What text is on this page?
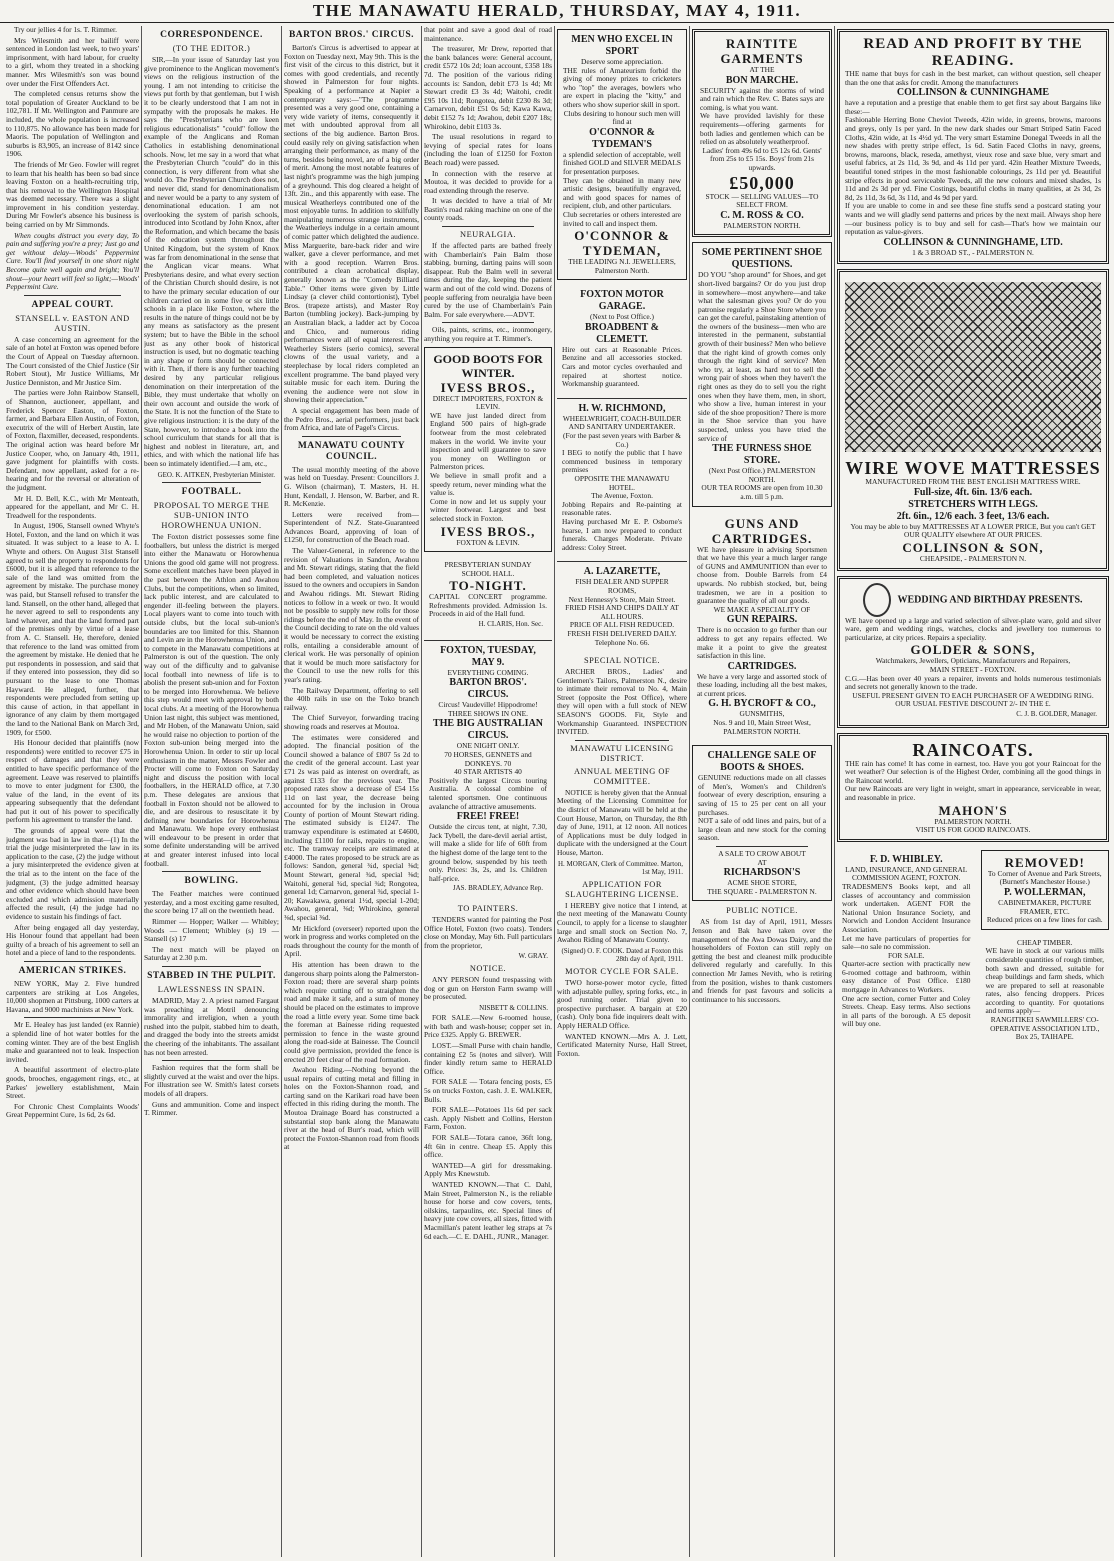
THE MANAWATU HERALD, THURSDAY, MAY 4, 1911.

Try our jellies 4 for 1s. T. Rimmer.

Mrs Wilesmith and her bailiff were sentenced in London last week, to two years' imprisonment, with hard labour, for cruelty to a girl, whom they treated in a shocking manner. Mrs Wilesmith's son was bound over under the First Offenders Act.

The completed census returns show the total population of Greater Auckland to be 102,781. If Mt. Wellington and Panmure are included, the whole population is increased to 110,875. No allowance has been made for Maoris. The population of Wellington and suburbs is 83,905, an increase of 8142 since 1906.

The friends of Mr Geo. Fowler will regret to learn that his health has been so bad since leaving Foxton on a health-recruiting trip, that his removal to the Wellington Hospital was deemed necessary. There was a slight improvement in his condition yesterday. During Mr Fowler's absence his business is being carried on by Mr Simmonds.

When coughs distract you every day, To pain and suffering you're a prey; Just go and get without delay—Woods' Peppermint Cure. You'll find yourself in one short night Become quite well again and bright; You'll shout—your heart will feel so light;—Woods' Peppermint Cure.

APPEAL COURT.
STANSELL v. EASTON AND AUSTIN.

A case concerning an agreement for the sale of an hotel at Foxton was opened before the Court of Appeal on Tuesday afternoon. The Court consisted of the Chief Justice (Sir Robert Stout), Mr Justice Williams, Mr Justice Denniston, and Mr Justice Sim.

The parties were John Rainbow Stansell, of Shannon, auctioneer, appellant, and Frederick Spencer Easton, of Foxton, farmer, and Barbara Ellen Austin, of Foxton, executrix of the will of Herbert Austin, late of Foxton, flaxmiller, deceased, respondents. The original action was heard before Mr Justice Cooper, who, on January 4th, 1911, gave judgment for plaintiffs with costs. Defendant, now appellant, asked for a re-hearing and for the reversal or alteration of the judgment.

Mr H. D. Bell, K.C., with Mr Menteath, appeared for the appellant, and Mr C. H. Treadwell for the respondents.

In August, 1906, Stansell owned Whyte's Hotel, Foxton, and the land on which it was situated. It was subject to a lease to A. I. Whyte and others. On August 31st Stansell agreed to sell the property to respondents for £6000, but it is alleged that reference to the sale of the land was omitted from the agreement by mistake. The purchase money was paid, but Stansell refused to transfer the land. Stansell, on the other hand, alleged that he never agreed to sell to respondents any land whatever, and that the land formed part of the premises only by virtue of a lease from A. C. Stansell. He, therefore, denied that reference to the land was omitted from the agreement by mistake. He denied that he put respondents in possession, and said that if they entered into possession, they did so pursuant to the lease to one Thomas Hayward. He alleged, further, that respondents were precluded from setting up this cause of action, in that appellant in ignorance of any claim by them mortgaged the land to the National Bank on March 3rd, 1909, for £500.

His Honour decided that plaintiffs (now respondents) were entitled to recover £75 in respect of damages and that they were entitled to have specific performance of the agreement. Leave was reserved to plaintiffs to move to enter judgment for £300, the value of the land, in the event of its appearing subsequently that the defendant had put it out of his power to specifically perform his agreement to transfer the land.

The grounds of appeal were that the judgment was bad in law in that—(1) In the trial the judge misinterpreted the law in its application to the case, (2) the judge without a jury misinterpreted the evidence given at the trial as to the intent on the face of the judgment, (3) the judge admitted hearsay and other evidence which should have been excluded and which admission materially affected the result, (4) the judge had no evidence to sustain his findings of fact.

After being engaged all day yesterday, His Honour found that appellant had been guilty of a breach of his agreement to sell an hotel and a piece of land to the respondents.

AMERICAN STRIKES.

NEW YORK, May 2. Five hundred carpenters are striking at Los Angeles, 10,000 shopmen at Pittsburg, 1000 carters at Havana, and 9000 machinists at New York.

Mr E. Healey has just landed (ex Rannie) a splendid line of hot water bottles for the coming winter. They are of the best English make and guaranteed not to leak. Inspection invited.

A beautiful assortment of electro-plate goods, brooches, engagement rings, etc., at Parkes' jewellery establishment, Main Street.

For Chronic Chest Complaints Woods' Great Peppermint Cure, 1s 6d, 2s 6d.

CORRESPONDENCE.
(TO THE EDITOR.)

SIR,—In your issue of Saturday last you give prominence to the Anglican movement's views on the religious instruction of the young. I am not intending to criticise the views put forth by that gentleman, but I wish it to be clearly understood that I am not in sympathy with the proposals he makes. He says the "Presbyterians who are keen religious educationalists" "could" follow the example of the Anglicans and Roman Catholics in establishing denominational schools. Now, let me say in a word that what the Presbyterian Church "could" do in this connection, is very different from what she would do. The Presbyterian Church does not, and never did, stand for denominationalism and never would be a party to any system of denominational education. I am not overlooking the system of parish schools, introduced into Scotland by John Knox, after the Reformation, and which became the basis of the education system throughout the United Kingdom, but the system of Knox was far from denominational in the sense that the Anglican vicar means. What Presbyterians desire, and what every section of the Christian Church should desire, is not to have the primary secular education of our children carried on in some five or six little schools in a place like Foxton, where the results in the nature of things could not be by any means as satisfactory as the present system; but to have the Bible in the school just as any other book of historical instruction is used, but no dogmatic teaching in any shape or form should be connected with it. Then, if there is any further teaching desired by any particular religious denomination on their interpretation of the Bible, they must undertake that wholly on their own account and outside the work of the State. It is not the function of the State to give religious instruction: it is the duty of the State, however, to introduce a book into the school curriculum that stands for all that is highest and noblest in literature, art, and ethics, and with which the national life has been so intimately identified.—I am, etc.,

GEO. K. AITKEN, Presbyterian Minister.
FOOTBALL.
PROPOSAL TO MERGE THE SUB-UNION INTO HOROWHENUA UNION.

The Foxton district possesses some fine footballers, but unless the district is merged into either the Manawatu or Horowhenua Unions the good old game will not progress. Some excellent matches have been played in the past between the Athlon and Awahou Clubs, but the competitions, when so limited, lack public interest, and are calculated to engender ill-feeling between the players. Local players want to come into touch with outside clubs, but the local sub-union's boundaries are too limited for this. Shannon and Levin are in the Horowhenua Union, and to compete in the Manawatu competitions at Palmerston is out of the question. The only way out of the difficulty and to galvanise local football into newness of life is to abolish the present sub-union and for Foxton to be merged into Horowhenua. We believe this step would meet with approval by both local clubs. At a meeting of the Horowhenua Union last night, this subject was mentioned, and Mr Hoben, of the Manawatu Union, said he would raise no objection to portion of the Foxton sub-union being merged into the Horowhenua Union. In order to stir up local enthusiasm in the matter, Messrs Fowler and Procter will come to Foxton on Saturday night and discuss the position with local footballers, in the HERALD office, at 7.30 p.m. These delegates are anxious that football in Foxton should not be allowed to die, and are desirous to resuscitate it by defining new boundaries for Horowhenua and Manawatu. We hope every enthusiast will endeavour to be present in order that some definite understanding will be arrived at and greater interest infused into local football.

BOWLING.

The Feather matches were continued yesterday, and a most exciting game resulted, the score being 17 all on the twentieth head.

Rimmer — Hopper; Walker — Whibley; Woods — Clement; Whibley (s) 19 — Stansell (s) 17

The next match will be played on Saturday at 2.30 p.m.

STABBED IN THE PULPIT.
LAWLESSNESS IN SPAIN.

MADRID, May 2. A priest named Fargaut was preaching at Motril denouncing immorality and irreligion, when a youth rushed into the pulpit, stabbed him to death, and dragged the body into the streets amidst the cheering of the inhabitants. The assailant has not been arrested.

Fashion requires that the form shall be slightly curved at the waist and over the hips. For illustration see W. Smith's latest corsets models of all drapers.

Guns and ammunition. Come and inspect T. Rimmer.

BARTON BROS.' CIRCUS.

Barton's Circus is advertised to appear at Foxton on Tuesday next, May 9th. This is the first visit of the circus to this district, but it comes with good credentials, and recently showed in Palmerston for four nights. Speaking of a performance at Napier a contemporary says:—"The programme presented was a very good one, containing a very wide variety of items, consequently it met with undoubted approval from all sections of the big audience. Barton Bros. could easily rely on giving satisfaction when arranging their performance, as many of the turns, besides being novel, are of a big order of merit. Among the most notable features of last night's programme was the high jumping of a greyhound. This dog cleared a height of 13ft. 2in., and this apparently with ease. The musical Weatherleys contributed one of the most enjoyable turns. In addition to skilfully manipulating numerous strange instruments, the Weatherleys indulge in a certain amount of comic patter which delighted the audience. Miss Marguerite, bare-back rider and wire walker, gave a clever performance, and met with a good reception. Warren Bros. contributed a clean acrobatical display, generally known as the "Comedy Billiard Table." Other items were given by Little Lindsay (a clever child contortionist), Tybel Bros. (trapeze artists), and Master Roy Barton (tumbling jockey). Back-jumping by an Australian black, a ladder act by Cocoa and Chico, and numerous riding performances were all of equal interest. The Weatherley Sisters (serio comics), several clowns of the usual variety, and a steeplechase by local riders completed an excellent programme. The band played very suitable music for each item. During the evening the audience were not slow in showing their appreciation."

A special engagement has been made of the Pedro Bros., aerial performers, just back from Africa, and late of Pagel's Circus.

MANAWATU COUNTY COUNCIL.

The usual monthly meeting of the above was held on Tuesday. Present: Councillors J. G. Wilson (chairman), T. Masters, H. H. Hunt, Kendall, J. Henson, W. Barber, and R. R. McKenzie.

Letters were received from—Superintendent of N.Z. State-Guaranteed Advances Board, approving of loan of £1250, for construction of the Beach road.

The Valuer-General, in reference to the revision of Valuations in Sandon, Awahou and Mt. Stewart ridings, stating that the field had been completed, and valuation notices issued to the owners and occupiers in Sandon and Awahou ridings. Mt. Stewart Riding notices to follow in a week or two. It would not be possible to supply new rolls for those ridings before the end of May. In the event of the Council deciding to rate on the old values it would be necessary to correct the existing rolls, entailing a considerable amount of clerical work. He was personally of opinion that it would be much more satisfactory for the Council to use the new rolls for this year's rating.

The Railway Department, offering to sell the 40lb rails in use on the Toko branch railway.

The Chief Surveyor, forwarding tracing showing roads and reserves at Moutoa.

The estimates were considered and adopted. The financial position of the Council showed a balance of £807 5s 2d to the credit of the general account. Last year £71 2s was paid as interest on overdraft, as against £133 for the previous year. The proposed rates show a decrease of £54 15s 11d on last year, the decrease being accounted for by the inclusion in Oroua County of portion of Mount Stewart riding. The estimated subsidy is £1247. The tramway expenditure is estimated at £4600, including £1100 for rails, repairs to engine, etc. The tramway receipts are estimated at £4000. The rates proposed to be struck are as follows: Sandon, general ¾d, special ⅜d; Mount Stewart, general ¾d, special ⅜d; Waitohi, general ¾d, special ¾d; Rongotea, general 1d; Carnarvon, general ¾d, special 1-20; Kawakawa, general 1½d, special 1-20d; Awahou, general, ⅜d; Whirokino, general ⅜d, special ⅜d.

Mr Hickford (overseer) reported upon the work in progress and works completed on the roads throughout the county for the month of April.

His attention has been drawn to the dangerous sharp points along the Palmerston-Foxton road; there are several sharp points which require cutting off to straighten the road and make it safe, and a sum of money should be placed on the estimates to improve the road a little every year. Some time back the foreman at Bainesse riding requested permission to fence in the waste ground along the road-side at Bainesse. The Council could give permission, provided the fence is erected 20 feet clear of the road formation.

Awahou Riding.—Nothing beyond the usual repairs of cutting metal and filling in holes on the Foxton-Shannon road, and carting sand on the Karikari road have been effected in this riding during the month. The Moutoa Drainage Board has constructed a substantial stop bank along the Manawatu river at the head of Burr's road, which will protect the Foxton-Shannon road from floods at

that point and save a good deal of road maintenance.

The treasurer, Mr Drew, reported that the bank balances were: General account, credit £572 10s 2d; loan account, £358 18s 7d. The position of the various riding accounts is: Sandon, debit £73 1s 4d; Mt Stewart credit £3 3s 4d; Waitohi, credit £95 10s 11d; Rongotea, debit £230 8s 3d; Carnarvon, debit £51 0s 5d; Kawa Kawa, debit £152 7s 1d; Awahou, debit £207 18s; Whirokino, debit £103 3s.

The usual resolutions in regard to levying of special rates for loans (including the loan of £1250 for Foxton Beach road) were passed.

In connection with the reserve at Moutoa, it was decided to provide for a road extending through the reserve.

It was decided to have a trial of Mr Bastin's road raking machine on one of the county roads.

NEURALGIA.

If the affected parts are bathed freely with Chamberlain's Pain Balm those stabbing, burning, darting pains will soon disappear. Rub the Balm well in several times during the day, keeping the patient warm and out of the cold wind. Dozens of people suffering from neuralgia have been cured by the use of Chamberlain's Pain Balm. For sale everywhere.—ADVT.

Oils, paints, scrims, etc., ironmongery, anything you require at T. Rimmer's.

GOOD BOOTS FOR WINTER.
IVESS BROS.,
DIRECT IMPORTERS, FOXTON & LEVIN.
WE have just landed direct from England 500 pairs of high-grade footwear from the most celebrated makers in the world. We invite your inspection and will guarantee to save you money on Wellington or Palmerston prices.
We believe in small profit and a speedy return, never minding what the value is.
Come in now and let us supply your winter footwear. Largest and best selected stock in Foxton.
IVESS BROS.,
FOXTON & LEVIN.
PRESBYTERIAN SUNDAY SCHOOL HALL.
TO-NIGHT.
CAPITAL CONCERT programme. Refreshments provided. Admission 1s. Proceeds in aid of the Hall fund.
H. CLARIS, Hon. Sec.
FOXTON, TUESDAY, MAY 9.
EVERYTHING COMING.
BARTON BROS'. CIRCUS.
Circus! Vaudeville! Hippodrome! THREE SHOWS IN ONE.
THE BIG AUSTRALIAN CIRCUS.
ONE NIGHT ONLY.
70 HORSES, GENNETS and DONKEYS. 70
40 STAR ARTISTS 40
Positively the largest Circus touring Australia. A colossal combine of talented sportsmen. One continuous avalanche of attractive amusements.
FREE! FREE!
Outside the circus tent, at night, 7.30, Jack Tybell, the dare-devil aerial artist, will make a slide for life of 60ft from the highest dome of the large tent to the ground below, suspended by his teeth only. Prices: 3s, 2s, and 1s. Children half-price.
JAS. BRADLEY, Advance Rep.
TO PAINTERS.

TENDERS wanted for painting the Post Office Hotel, Foxton (two coats). Tenders close on Monday, May 6th. Full particulars from the proprietor,

W. GRAY.
NOTICE.

ANY PERSON found trespassing with dog or gun on Herston Farm swamp will be prosecuted.

NISBETT & COLLINS.

FOR SALE.—New 6-roomed house, with bath and wash-house; copper set in. Price £325. Apply G. BREWER.

LOST.—Small Purse with chain handle, containing £2 5s (notes and silver). Will finder kindly return same to HERALD Office.

FOR SALE — Totara fencing posts, £5 5s on trucks Foxton, cash. J. E. WALKER, Bulls.

FOR SALE—Potatoes 11s 6d per sack cash. Apply Nisbett and Collins, Herston Farm, Foxton.

FOR SALE—Totara canoe, 36ft long, 4ft 6in in centre. Cheap £5. Apply this office.

WANTED—A girl for dressmaking. Apply Mrs Knewstub.

WANTED KNOWN.—That C. Dahl, Main Street, Palmerston N., is the reliable house for horse and cow covers, tents, oilskins, tarpaulins, etc. Special lines of heavy jute cow covers, all sizes, fitted with Macmillan's patent leather leg straps at 7s 6d each.—C. E. DAHL, JUNR., Manager.

MEN WHO EXCEL IN SPORT
Deserve some appreciation.
THE rules of Amateurism forbid the giving of money prizes to cricketers who "top" the averages, bowlers who are expert in placing the "kitty," and others who show superior skill in sport.
Clubs desiring to honour such men will find at
O'CONNOR & TYDEMAN'S
a splendid selection of acceptable, well finished GOLD and SILVER MEDALS for presentation purposes.
They can be obtained in many new artistic designs, beautifully engraved, and with good spaces for names of recipient, club, and other particulars.
Club secretaries or others interested are invited to call and inspect them.
O'CONNOR & TYDEMAN,
THE LEADING N.I. JEWELLERS,
Palmerston North.
FOXTON MOTOR GARAGE.
(Next to Post Office.)
BROADBENT & CLEMETT.
Hire out cars at Reasonable Prices. Benzine and all accessories stocked. Cars and motor cycles overhauled and repaired at shortest notice. Workmanship guaranteed.
H. W. RICHMOND,
WHEELWRIGHT, COACH-BUILDER AND SANITARY UNDERTAKER.
(For the past seven years with Barber & Co.)
I BEG to notify the public that I have commenced business in temporary premises
OPPOSITE THE MANAWATU HOTEL.
The Avenue, Foxton.
Jobbing Repairs and Re-painting at reasonable rates.
Having purchased Mr E. P. Osborne's hearse, I am now prepared to conduct funerals. Charges Moderate. Private address: Coley Street.
A. LAZARETTE,
FISH DEALER AND SUPPER ROOMS,
Next Hennessy's Store, Main Street.
FRIED FISH AND CHIPS DAILY AT ALL HOURS.
PRICE OF ALL FISH REDUCED.
FRESH FISH DELIVERED DAILY.
Telephone No. 66.
SPECIAL NOTICE.

ARCHER BROS., Ladies' and Gentlemen's Tailors, Palmerston N., desire to intimate their removal to No. 4, Main Street (opposite the Post Office), where they will open with a full stock of NEW SEASON'S GOODS. Fit, Style and Workmanship Guaranteed. INSPECTION INVITED.

MANAWATU LICENSING DISTRICT.
ANNUAL MEETING OF COMMITTEE.

NOTICE is hereby given that the Annual Meeting of the Licensing Committee for the district of Manawatu will be held at the Court House, Marton, on Thursday, the 8th day of June, 1911, at 12 noon. All notices of Applications must be duly lodged in duplicate with the undersigned at the Court House, Marton.

H. MORGAN, Clerk of Committee. Marton, 1st May, 1911.
APPLICATION FOR SLAUGHTERING LICENSE.

I HEREBY give notice that I intend, at the next meeting of the Manawatu County Council, to apply for a license to slaughter large and small stock on Section No. 7, Awahou Riding of Manawatu County.

(Signed) O. F. COOK. Dated at Foxton this 28th day of April, 1911.
MOTOR CYCLE FOR SALE.

TWO horse-power motor cycle, fitted with adjustable pulley, spring forks, etc., in good running order. Trial given to prospective purchaser. A bargain at £20 (cash). Only bona fide inquirers dealt with. Apply HERALD Office.

WANTED KNOWN.—Mrs A. J. Lett, Certificated Maternity Nurse, Hall Street, Foxton.

RAINTITE GARMENTS
AT THE
BON MARCHE.
SECURITY against the storms of wind and rain which the Rev. C. Bates says are coming, is what you want.
We have provided lavishly for these requirements—offering garments for both ladies and gentlemen which can be relied on as absolutely weatherproof.
Ladies' from 49s 6d to £5 12s 6d. Gents' from 25s to £5 15s. Boys' from 21s upwards.
£50,000
STOCK — SELLING VALUES—TO SELECT FROM.
C. M. ROSS & CO.
PALMERSTON NORTH.
SOME PERTINENT SHOE QUESTIONS.
DO YOU "shop around" for Shoes, and get short-lived bargains? Or do you just drop in somewhere—most anywhere—and take what the salesman gives you? Or do you patronise regularly a Shoe Store where you can get the careful, painstaking attention of the owners of the business—men who are interested in the permanent, substantial growth of their business? Men who believe that the right kind of growth comes only through the right kind of service? Men who try, at least, as hard not to sell the wrong pair of shoes when they haven't the right ones as they do to sell you the right ones when they have them, men, in short, who show a live, human interest in your side of the shoe proposition? There is more in the Shoe service than you have suspected, unless you have tried the service of
THE FURNESS SHOE STORE.
(Next Post Office.) PALMERSTON NORTH.
OUR TEA ROOMS are open from 10.30 a.m. till 5 p.m.
GUNS AND CARTRIDGES.
WE have pleasure in advising Sportsmen that we have this year a much larger range of GUNS and AMMUNITION than ever to choose from. Double Barrels from £4 upwards. No rubbish stocked, but, being tradesmen, we are in a position to guarantee the quality of all our goods.
WE MAKE A SPECIALITY OF
GUN REPAIRS.
There is no occasion to go further than our address to get any repairs effected. We make it a point to give the greatest satisfaction in this line.
CARTRIDGES.
We have a very large and assorted stock of these loading, including all the best makes, at current prices.
G. H. BYCROFT & CO.,
GUNSMITHS,
Nos. 9 and 10, Main Street West, PALMERSTON NORTH.
CHALLENGE SALE OF BOOTS & SHOES.
GENUINE reductions made on all classes of Men's, Women's and Children's footwear of every description, ensuring a saving of 15 to 25 per cent on all your purchases.
NOT a sale of odd lines and pairs, but of a large clean and new stock for the coming season.
A SALE TO CROW ABOUT
AT
RICHARDSON'S
ACME SHOE STORE,
THE SQUARE - PALMERSTON N.
PUBLIC NOTICE.

AS from 1st day of April, 1911, Messrs Jenson and Bak have taken over the management of the Awa Dowas Dairy, and the householders of Foxton can still reply on getting the best and cleanest milk producible delivered regularly and carefully. In this connection Mr James Nevith, who is retiring from the position, wishes to thank customers and friends for past favours and solicits a continuance to his successors.

READ AND PROFIT BY THE READING.
THE name that buys for cash in the best market, can without question, sell cheaper than the one that asks for credit. Among the manufacturers
COLLINSON & CUNNINGHAME
have a reputation and a prestige that enable them to get first say about Bargains like these:—
Fashionable Herring Bone Cheviot Tweeds, 42in wide, in greens, browns, maroons and greys, only 1s per yard. In the new dark shades our Smart Striped Satin Faced Cloths, 42in wide, at 1s 4½d yd. The very smart Estamine Donegal Tweeds in all the new shades with pretty stripe effect, 1s 6d. Satin Faced Cloths in navy, greens, browns, maroons, black, reseda, amethyst, vieux rose and saxe blue, very smart and useful fabrics, at 2s 11d, 3s 9d, and 4s 11d per yard. 42in Heather Mixture Tweeds, beautiful toned stripes in the most fashionable colourings, 2s 11d per yd. Beautiful stripe effects in good serviceable Tweeds, all the new colours and mixed shades, 1s 11d and 2s 3d per yd. Fine Costings, beautiful cloths in many qualities, at 2s 3d, 2s 8d, 2s 11d, 3s 6d, 3s 11d, and 4s 9d per yard.
If you are unable to come in and see these fine stuffs send a postcard stating your wants and we will gladly send patterns and prices by the next mail. Always shop here—our business policy is to buy and sell for cash—That's how we maintain our reputation as value-givers.
COLLINSON & CUNNINGHAME, LTD.
1 & 3 BROAD ST., - PALMERSTON N.
WIRE WOVE MATTRESSES
MANUFACTURED FROM THE BEST ENGLISH MATTRESS WIRE.
Full-size, 4ft. 6in. 13/6 each.
STRETCHERS WITH LEGS.
2ft. 6in., 12/6 each. 3 feet, 13/6 each.
You may be able to buy MATTRESSES AT A LOWER PRICE, But you can't GET OUR QUALITY elsewhere AT OUR PRICES.
COLLINSON & SON,
CHEAPSIDE, - PALMERSTON N.
WEDDING AND BIRTHDAY PRESENTS.
WE have opened up a large and varied selection of silver-plate ware, gold and silver ware, gem and wedding rings, watches, clocks and jewellery too numerous to particularize, at city prices. Repairs a speciality.
GOLDER & SONS,
Watchmakers, Jewellers, Opticians, Manufacturers and Repairers,
MAIN STREET - FOXTON.
C.G.—Has been over 40 years a repairer, invents and holds numerous testimonials and secrets not generally known to the trade.
USEFUL PRESENT GIVEN TO EACH PURCHASER OF A WEDDING RING.
OUR USUAL FESTIVE DISCOUNT 2/- IN THE £.
C. J. B. GOLDER, Manager.
RAINCOATS.
THE rain has come! It has come in earnest, too. Have you got your Raincoat for the wet weather? Our selection is of the Highest Order, combining all the good things in the Raincoat world.
Our new Raincoats are very light in weight, smart in appearance, serviceable in wear, and reasonable in price.
MAHON'S
PALMERSTON NORTH.
VISIT US FOR GOOD RAINCOATS.
F. D. WHIBLEY.
LAND, INSURANCE, AND GENERAL COMMISSION AGENT, FOXTON.
TRADESMEN'S Books kept, and all classes of accountancy and commission work undertaken. AGENT FOR the National Union Insurance Society, and Norwich and London Accident Insurance Association.
Let me have particulars of properties for sale—no sale no commission.
FOR SALE.
Quarter-acre section with practically new 6-roomed cottage and bathroom, within easy distance of Post Office. £180 mortgage in Advances to Workers.
One acre section, corner Futter and Coley Streets. Cheap. Easy terms. Also sections in all parts of the borough. A £5 deposit will buy one.
REMOVED!
To Corner of Avenue and Park Streets, (Burnett's Manchester House.)
P. WOLLERMAN,
CABINETMAKER, PICTURE FRAMER, ETC.
Reduced prices on a few lines for cash.
CHEAP TIMBER.
WE have in stock at our various mills considerable quantities of rough timber, both sawn and dressed, suitable for cheap buildings and farm sheds, which we are prepared to sell at reasonable rates, also fencing droppers. Prices according to quantity. For quotations and terms apply—
RANGITIKEI SAWMILLERS' CO-OPERATIVE ASSOCIATION LTD., Box 25, TAIHAPE.
